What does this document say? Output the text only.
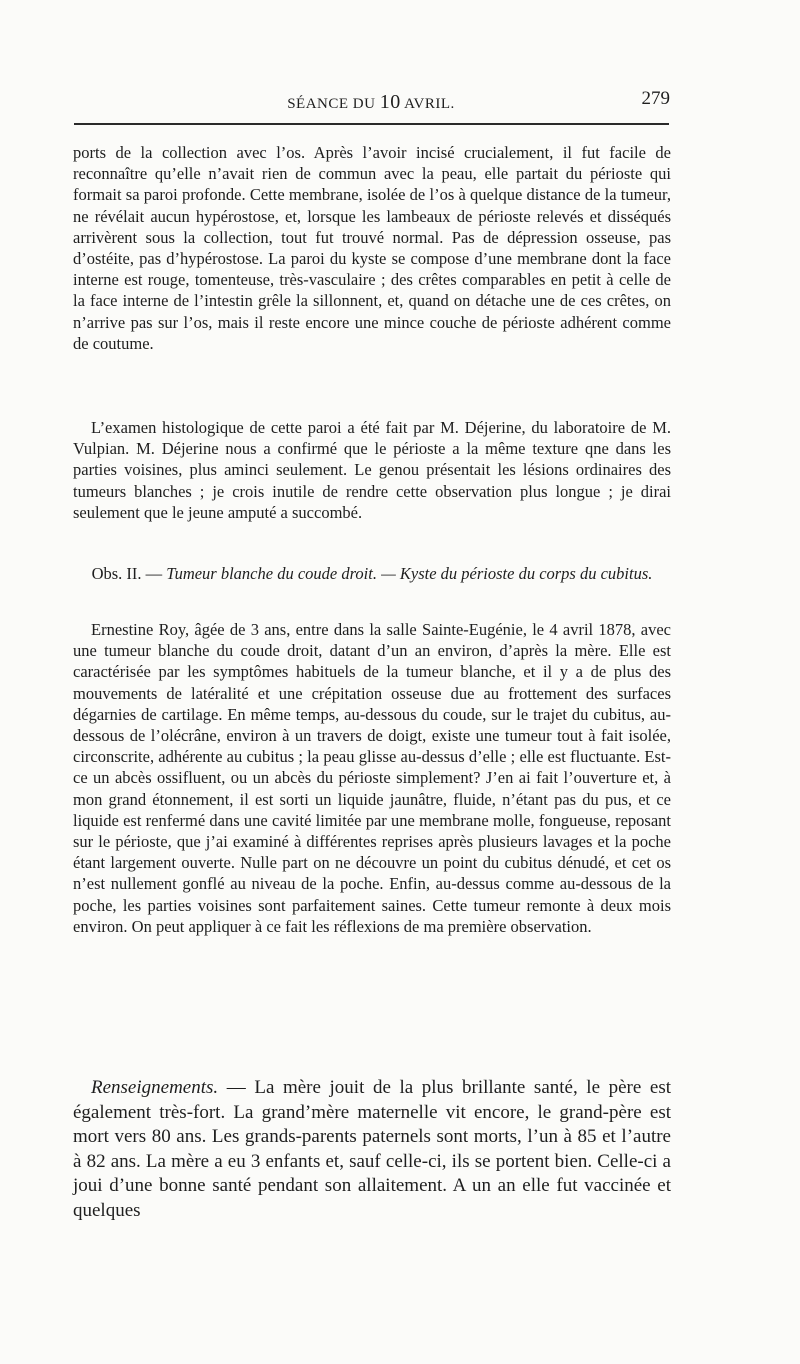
SÉANCE DU 10 AVRIL.	279

ports de la collection avec l’os. Après l’avoir incisé crucialement, il fut facile de reconnaître qu’elle n’avait rien de commun avec la peau, elle partait du périoste qui formait sa paroi profonde. Cette membrane, isolée de l’os à quelque distance de la tumeur, ne révélait aucun hypérostose, et, lorsque les lambeaux de périoste relevés et disséqués arrivèrent sous la collection, tout fut trouvé normal. Pas de dépression osseuse, pas d’ostéite, pas d’hypérostose. La paroi du kyste se compose d’une membrane dont la face interne est rouge, tomenteuse, très-vasculaire ; des crêtes comparables en petit à celle de la face interne de l’intestin grêle la sillonnent, et, quand on détache une de ces crêtes, on n’arrive pas sur l’os, mais il reste encore une mince couche de périoste adhérent comme de coutume.

L’examen histologique de cette paroi a été fait par M. Déjerine, du laboratoire de M. Vulpian. M. Déjerine nous a confirmé que le périoste a la même texture qne dans les parties voisines, plus aminci seulement. Le genou présentait les lésions ordinaires des tumeurs blanches ; je crois inutile de rendre cette observation plus longue ; je dirai seulement que le jeune amputé a succombé.

Obs. II. — Tumeur blanche du coude droit. — Kyste du périoste du corps du cubitus.

Ernestine Roy, âgée de 3 ans, entre dans la salle Sainte-Eugénie, le 4 avril 1878, avec une tumeur blanche du coude droit, datant d’un an environ, d’après la mère. Elle est caractérisée par les symptômes habituels de la tumeur blanche, et il y a de plus des mouvements de latéralité et une crépitation osseuse due au frottement des surfaces dégarnies de cartilage. En même temps, au-dessous du coude, sur le trajet du cubitus, au-dessous de l’olécrâne, environ à un travers de doigt, existe une tumeur tout à fait isolée, circonscrite, adhérente au cubitus ; la peau glisse au-dessus d’elle ; elle est fluctuante. Est-ce un abcès ossifluent, ou un abcès du périoste simplement? J’en ai fait l’ouverture et, à mon grand étonnement, il est sorti un liquide jaunâtre, fluide, n’étant pas du pus, et ce liquide est renfermé dans une cavité limitée par une membrane molle, fongueuse, reposant sur le périoste, que j’ai examiné à différentes reprises après plusieurs lavages et la poche étant largement ouverte. Nulle part on ne découvre un point du cubitus dénudé, et cet os n’est nullement gonflé au niveau de la poche. Enfin, au-dessus comme au-dessous de la poche, les parties voisines sont parfaitement saines. Cette tumeur remonte à deux mois environ. On peut appliquer à ce fait les réflexions de ma première observation.

Renseignements. — La mère jouit de la plus brillante santé, le père est également très-fort. La grand’mère maternelle vit encore, le grand-père est mort vers 80 ans. Les grands-parents paternels sont morts, l’un à 85 et l’autre à 82 ans. La mère a eu 3 enfants et, sauf celle-ci, ils se portent bien. Celle-ci a joui d’une bonne santé pendant son allaitement. A un an elle fut vaccinée et quelques
